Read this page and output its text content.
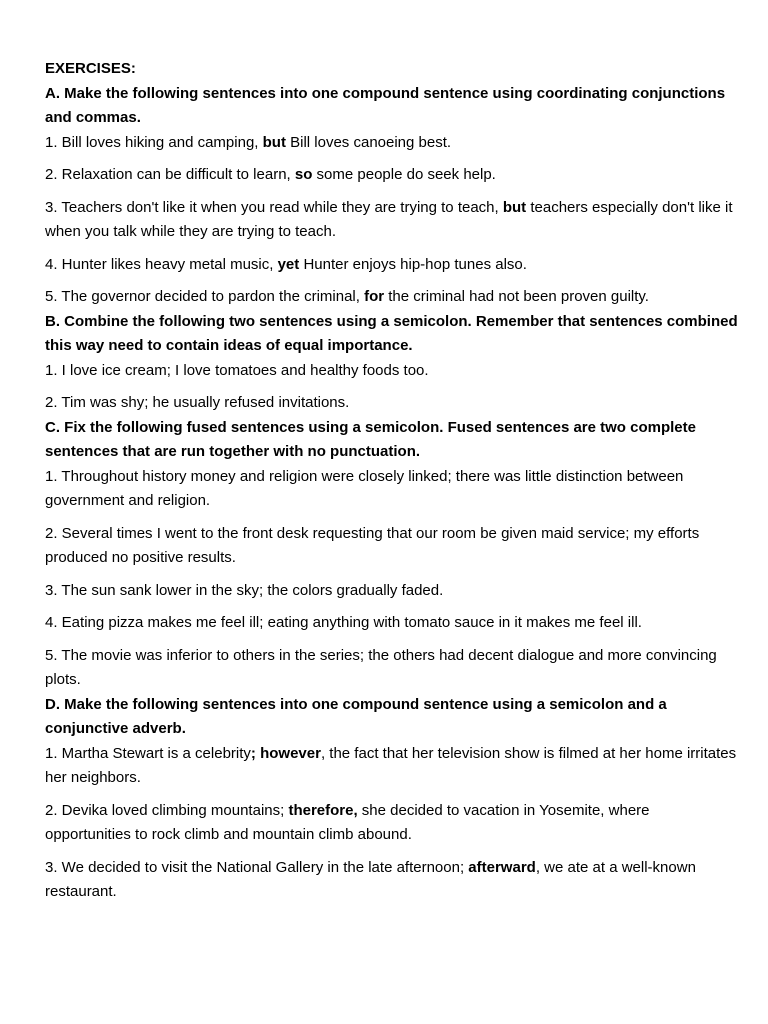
EXERCISES:

A. Make the following sentences into one compound sentence using coordinating conjunctions and commas.

1. Bill loves hiking and camping, but Bill loves canoeing best.

2. Relaxation can be difficult to learn, so some people do seek help.

3. Teachers don't like it when you read while they are trying to teach, but teachers especially don't like it when you talk while they are trying to teach.

4. Hunter likes heavy metal music, yet Hunter enjoys hip-hop tunes also.

5. The governor decided to pardon the criminal, for the criminal had not been proven guilty.

B. Combine the following two sentences using a semicolon. Remember that sentences combined this way need to contain ideas of equal importance.

1. I love ice cream; I love tomatoes and healthy foods too.

2. Tim was shy; he usually refused invitations.

C. Fix the following fused sentences using a semicolon. Fused sentences are two complete sentences that are run together with no punctuation.

1. Throughout history money and religion were closely linked; there was little distinction between government and religion.

2. Several times I went to the front desk requesting that our room be given maid service; my efforts produced no positive results.

3. The sun sank lower in the sky; the colors gradually faded.

4. Eating pizza makes me feel ill; eating anything with tomato sauce in it makes me feel ill.

5. The movie was inferior to others in the series; the others had decent dialogue and more convincing plots.

D. Make the following sentences into one compound sentence using a semicolon and a conjunctive adverb.

1. Martha Stewart is a celebrity; however, the fact that her television show is filmed at her home irritates her neighbors.

2. Devika loved climbing mountains; therefore, she decided to vacation in Yosemite, where opportunities to rock climb and mountain climb abound.

3. We decided to visit the National Gallery in the late afternoon; afterward, we ate at a well-known restaurant.
